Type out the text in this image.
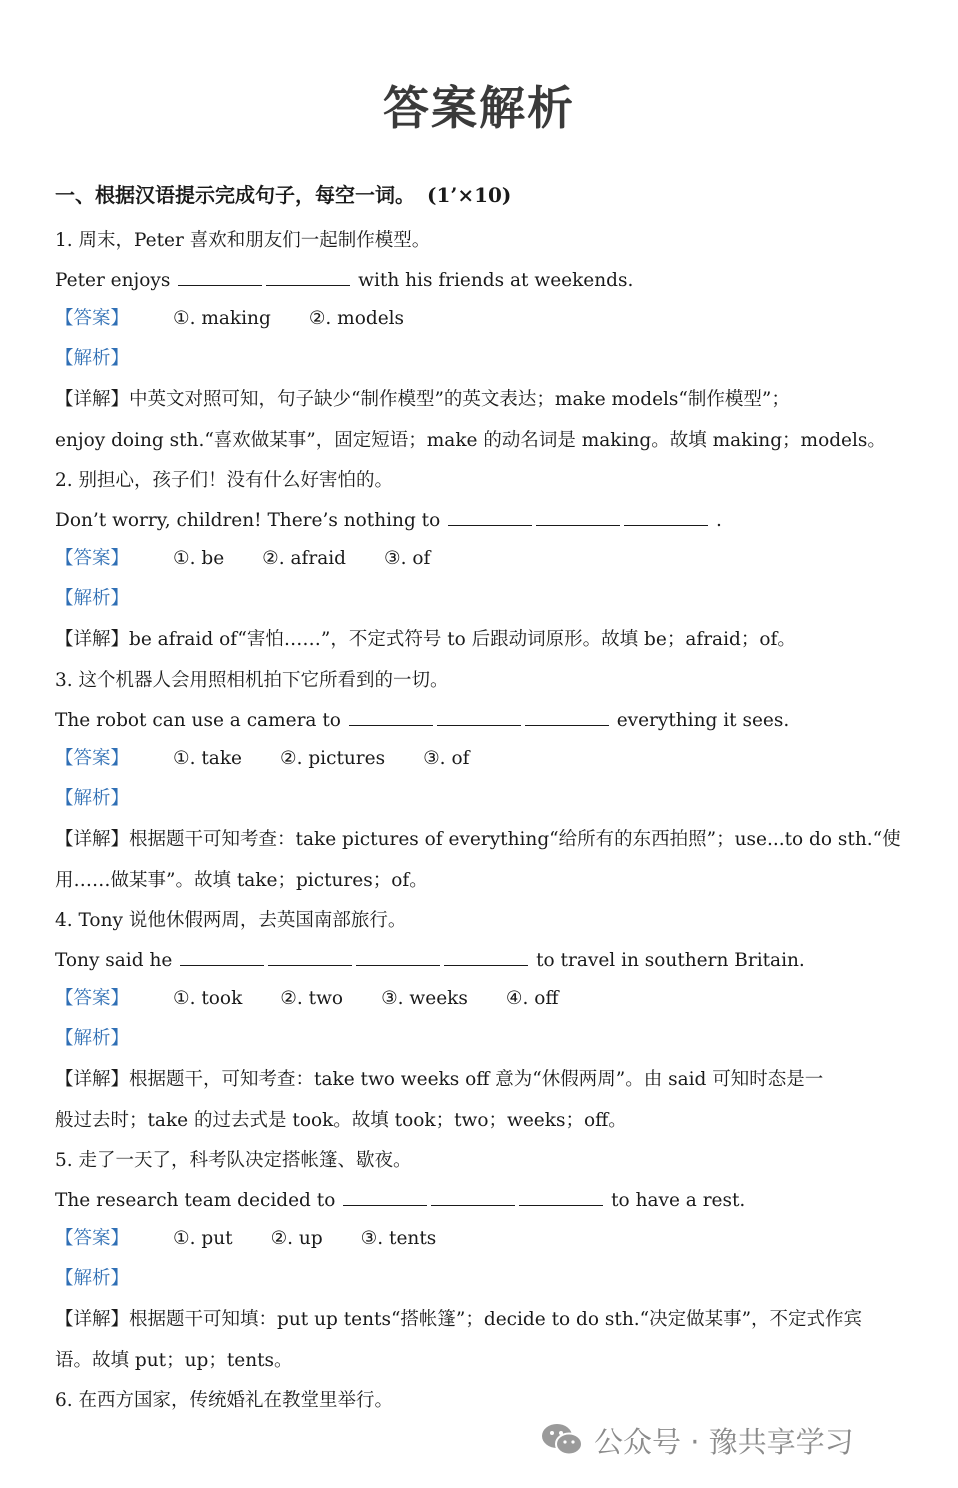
答案解析
一、根据汉语提示完成句子，每空一词。 (1’×10)
1. 周末，Peter 喜欢和朋友们一起制作模型。
Peter enjoys	with his friends at weekends.
【答案】 ①. making ②. models
【解析】
【详解】中英文对照可知，句子缺少“制作模型”的英文表达；make models“制作模型”；
enjoy doing sth.“喜欢做某事”，固定短语；make 的动名词是 making。故填 making；models。
2. 别担心，孩子们！没有什么好害怕的。
Don’t worry, children! There’s nothing to	.
【答案】 ①. be ②. afraid ③. of
【解析】
【详解】be afraid of“害怕……”，不定式符号 to 后跟动词原形。故填 be；afraid；of。
3. 这个机器人会用照相机拍下它所看到的一切。
The robot can use a camera to	everything it sees.
【答案】 ①. take ②. pictures ③. of
【解析】
【详解】根据题干可知考查：take pictures of everything“给所有的东西拍照”；use...to do sth.“使
用……做某事”。故填 take；pictures；of。
4. Tony 说他休假两周，去英国南部旅行。
Tony said he	to travel in southern Britain.
【答案】 ①. took ②. two ③. weeks ④. off
【解析】
【详解】根据题干，可知考查：take two weeks off 意为“休假两周”。由 said 可知时态是一
般过去时；take 的过去式是 took。故填 took；two；weeks；off。
5. 走了一天了，科考队决定搭帐篷、歇夜。
The research team decided to	to have a rest.
【答案】 ①. put ②. up ③. tents
【解析】
【详解】根据题干可知填：put up tents“搭帐篷”；decide to do sth.“决定做某事”，不定式作宾
语。故填 put；up；tents。
6. 在西方国家，传统婚礼在教堂里举行。
公众号 · 豫共享学习
